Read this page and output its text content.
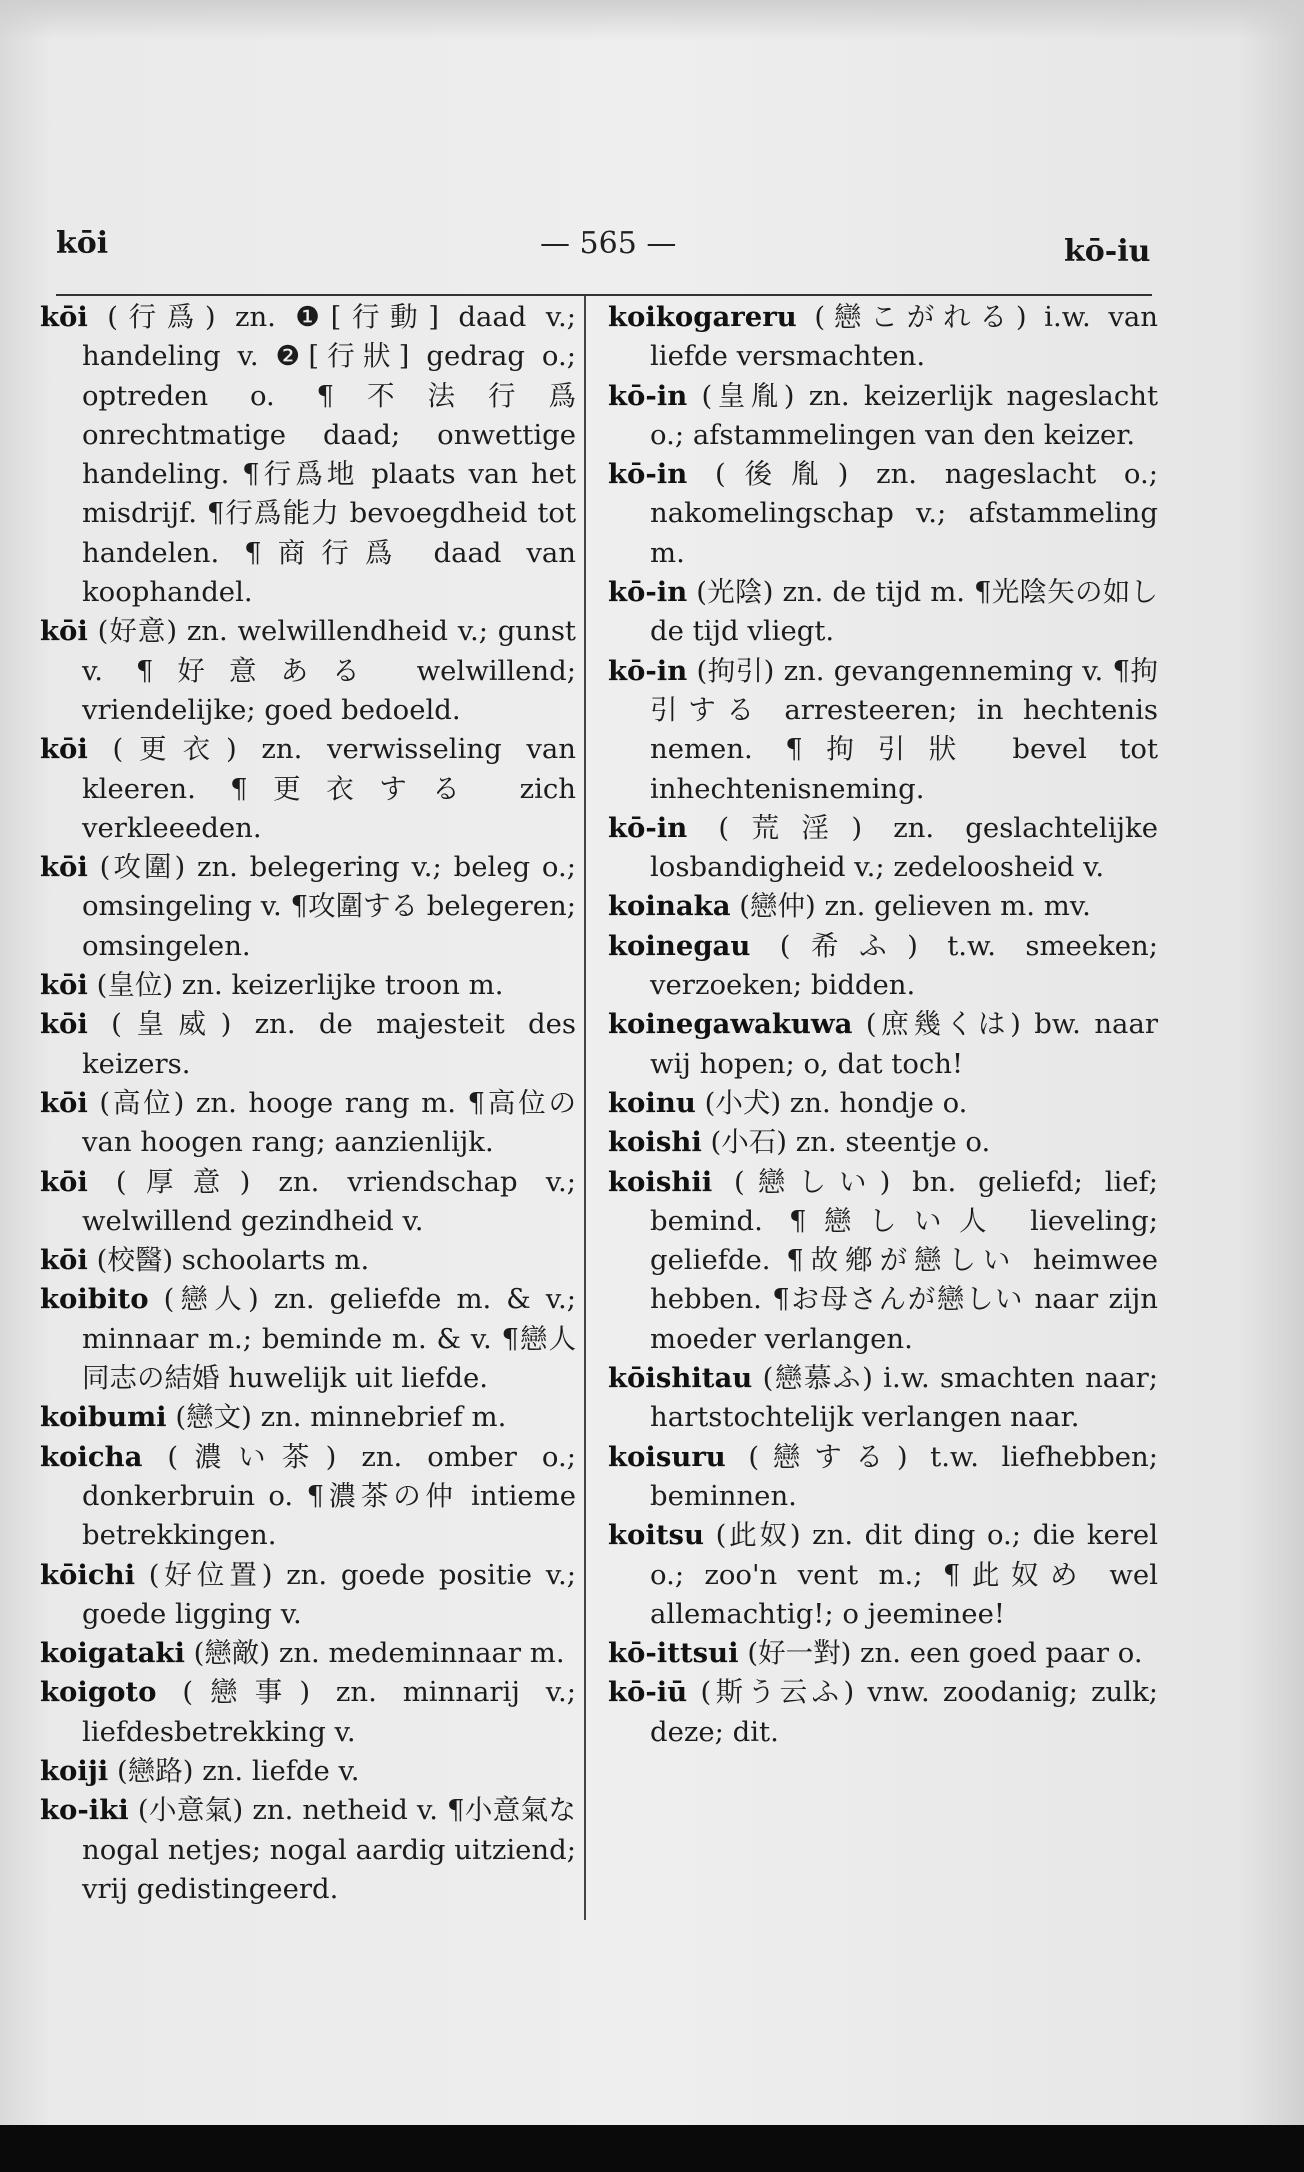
kōi	— 565 —	kō-iu

kōi (行爲) zn. ❶[行動] daad v.; handeling v. ❷[行狀] gedrag o.; optreden o. ¶不法行爲 onrechtmatige daad; onwettige handeling. ¶行爲地 plaats van het misdrijf. ¶行爲能力 bevoegdheid tot handelen. ¶商行爲 daad van koophandel.

kōi (好意) zn. welwillendheid v.; gunst v. ¶好意ある welwillend; vriendelijke; goed bedoeld.

kōi (更衣) zn. verwisseling van kleeren. ¶更衣する zich verkleeeden.

kōi (攻圍) zn. belegering v.; beleg o.; omsingeling v. ¶攻圍する belegeren; omsingelen.

kōi (皇位) zn. keizerlijke troon m.

kōi (皇威) zn. de majesteit des keizers.

kōi (高位) zn. hooge rang m. ¶高位の van hoogen rang; aanzienlijk.

kōi (厚意) zn. vriendschap v.; welwillend gezindheid v.

kōi (校醫) schoolarts m.

koibito (戀人) zn. geliefde m. & v.; minnaar m.; beminde m. & v. ¶戀人同志の結婚 huwelijk uit liefde.

koibumi (戀文) zn. minnebrief m.

koicha (濃い茶) zn. omber o.; donkerbruin o. ¶濃茶の仲 intieme betrekkingen.

kōichi (好位置) zn. goede positie v.; goede ligging v.

koigataki (戀敵) zn. medeminnaar m.

koigoto (戀事) zn. minnarij v.; liefdesbetrekking v.

koiji (戀路) zn. liefde v.

ko-iki (小意氣) zn. netheid v. ¶小意氣な nogal netjes; nogal aardig uitziend; vrij gedistingeerd.

koikogareru (戀こがれる) i.w. van liefde versmachten.

kō-in (皇胤) zn. keizerlijk nageslacht o.; afstammelingen van den keizer.

kō-in (後胤) zn. nageslacht o.; nakomelingschap v.; afstammeling m.

kō-in (光陰) zn. de tijd m. ¶光陰矢の如し de tijd vliegt.

kō-in (拘引) zn. gevangenneming v. ¶拘引する arresteeren; in hechtenis nemen. ¶拘引狀 bevel tot inhechtenisneming.

kō-in (荒淫) zn. geslachtelijke losbandigheid v.; zedeloosheid v.

koinaka (戀仲) zn. gelieven m. mv.

koinegau (希ふ) t.w. smeeken; verzoeken; bidden.

koinegawakuwa (庶幾くは) bw. naar wij hopen; o, dat toch!

koinu (小犬) zn. hondje o.

koishi (小石) zn. steentje o.

koishii (戀しい) bn. geliefd; lief; bemind. ¶戀しい人 lieveling; geliefde. ¶故鄕が戀しい heimwee hebben. ¶お母さんが戀しい naar zijn moeder verlangen.

kōishitau (戀慕ふ) i.w. smachten naar; hartstochtelijk verlangen naar.

koisuru (戀する) t.w. liefhebben; beminnen.

koitsu (此奴) zn. dit ding o.; die kerel o.; zoo'n vent m.; ¶此奴め wel allemachtig!; o jeeminee!

kō-ittsui (好一對) zn. een goed paar o.

kō-iū (斯う云ふ) vnw. zoodanig; zulk; deze; dit.
